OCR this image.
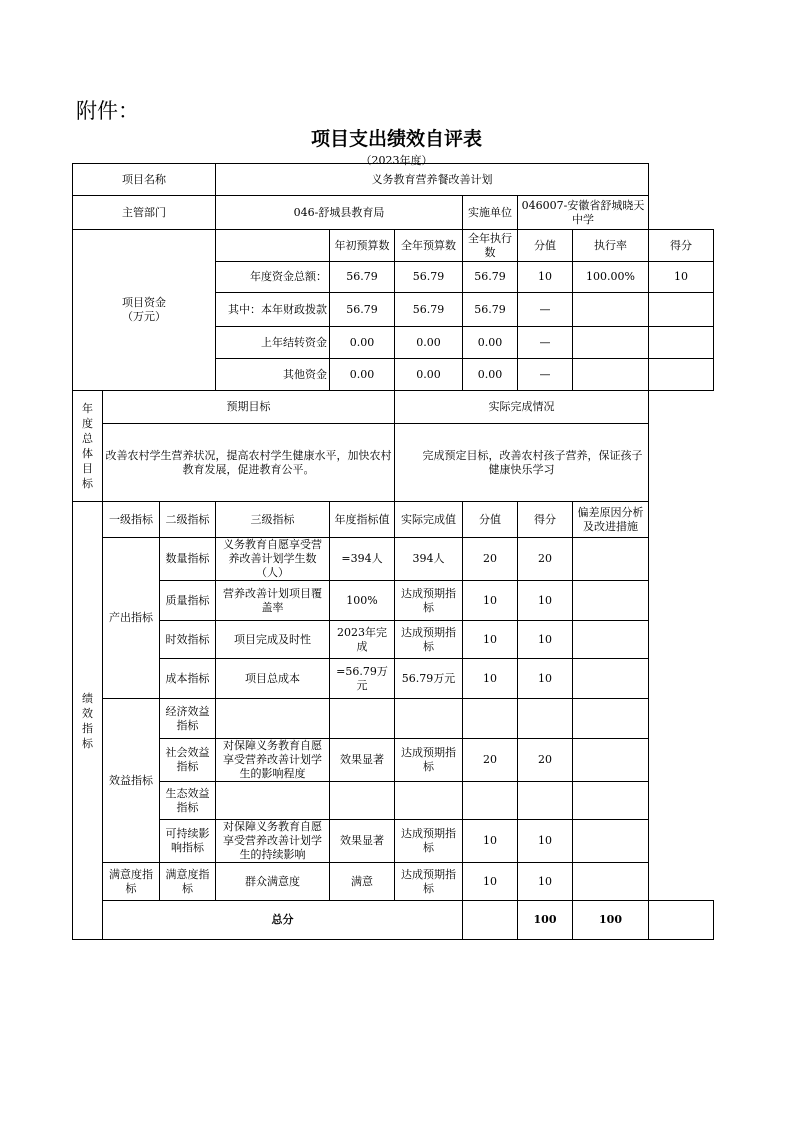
附件：
项目支出绩效自评表
（2023年度）
项目名称			义务教育营养餐改善计划						
主管部门			046-舒城县教育局			实施单位	046007-安徽省舒城晓天中学		
项目资金
（万元）				年初预算数	全年预算数	全年执行数	分值	执行率	得分
			年度资金总额：	56.79	56.79	56.79	10	100.00%	10
			其中：本年财政拨款	56.79	56.79	56.79	—		
			上年结转资金	0.00	0.00	0.00	—		
			其他资金	0.00	0.00	0.00	—		
年度总体目标	预期目标				实际完成情况				
	改善农村学生营养状况，提高农村学生健康水平，加快农村教育发展，促进教育公平。				完成预定目标，改善农村孩子营养，保证孩子健康快乐学习				
绩效指标	一级指标	二级指标	三级指标	年度指标值	实际完成值	分值	得分	偏差原因分析及改进措施	
	产出指标	数量指标	义务教育自愿享受营养改善计划学生数（人）	=394人	394人	20	20		
		质量指标	营养改善计划项目覆盖率	100%	达成预期指标	10	10		
		时效指标	项目完成及时性	2023年完成	达成预期指标	10	10		
		成本指标	项目总成本	=56.79万元	56.79万元	10	10		
	效益指标	经济效益指标							
		社会效益指标	对保障义务教育自愿享受营养改善计划学生的影响程度	效果显著	达成预期指标	20	20		
		生态效益指标							
		可持续影响指标	对保障义务教育自愿享受营养改善计划学生的持续影响	效果显著	达成预期指标	10	10		
	满意度指标	满意度指标	群众满意度	满意	达成预期指标	10	10		
	总分						100	100	
